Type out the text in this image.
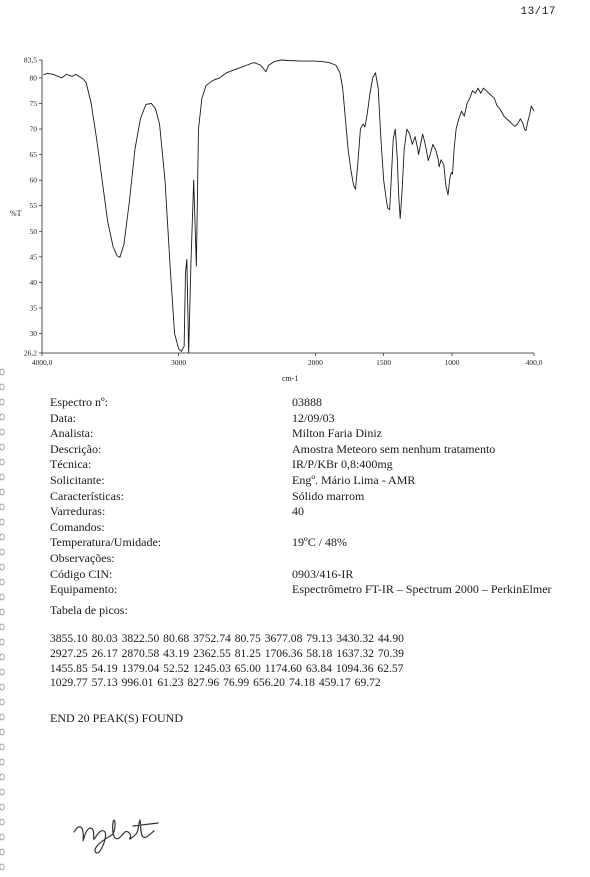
13/17
83,5
80
75
70
65
60
55
50
45
40
35
30
26,2
4000,0	3000	2000	1500	1000	400,0
%T
cm-1
Espectro nº:	03888
Data:	12/09/03
Analista:	Milton Faria Diniz
Descrição:	Amostra Meteoro sem nenhum tratamento
Técnica:	IR/P/KBr 0,8:400mg
Solicitante:	Engº. Mário Lima - AMR
Características:	Sólido marrom
Varreduras:	40
Comandos:
Temperatura/Umidade:	19ºC / 48%
Observações:
Código CIN:	0903/416-IR
Equipamento:	Espectrômetro FT-IR – Spectrum 2000 – PerkinElmer
Tabela de picos:
3855.10 80.03 3822.50 80.68 3752.74 80.75 3677.08 79.13 3430.32 44.90
2927.25 26.17 2870.58 43.19 2362.55 81.25 1706.36 58.18 1637.32 70.39
1455.85 54.19 1379.04 52.52 1245.03 65.00 1174.60 63.84 1094.36 62.57
1029.77 57.13 996.01 61.23 827.96 76.99 656.20 74.18 459.17 69.72
END 20 PEAK(S) FOUND
